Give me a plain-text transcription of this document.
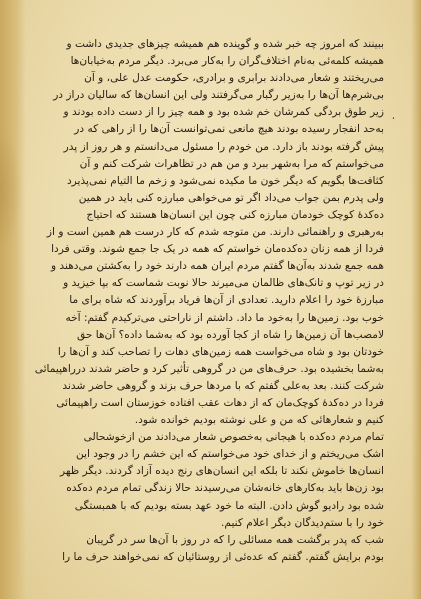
،
ببینند که امروز چه خبر شده و گوینده هم همیشه چیزهای جدیدی داشت و
همیشه کلمه‌ئی به‌نام اختلاف‌گران را به‌کار می‌برد. دیگر مردم به‌خیابان‌ها
می‌ریختند و شعار می‌دادند برابری و برادری، حکومت عدل علی، و آن
بی‌شرم‌ها آن‌ها را به‌زیر رگبار می‌گرفتند ولی این انسان‌ها که سالیان دراز در
زیر طوق بردگی کمرشان خم شده بود و همه چیز را از دست داده بودند و
به‌حد انفجار رسیده بودند هیچ مانعی نمی‌توانست آن‌ها را از راهی که در
پیش گرفته بودند باز دارد. من خودم را مسئول می‌دانستم و هر روز از پدر
می‌خواستم که مرا به‌شهر ببرد و من هم در تظاهرات شرکت کنم و آن
کثافت‌ها بگویم که دیگر خون ما مکیده نمی‌شود و زخم ما التیام نمی‌پذیرد
ولی پدرم بمن جواب می‌داد اگر تو می‌خواهی مبارزه کنی باید در همین
ده‌کدۀ کوچک خودمان مبارزه کنی چون این انسان‌ها هستند که احتیاج
به‌رهبری و راهنمائی دارند. من متوجه شدم که کار درست هم همین است و از
فردا از همه زنان ده‌کده‌مان خواستم که همه در یک جا جمع شوند. وقتی فردا
همه جمع شدند به‌آن‌ها گفتم مردم ایران همه دارند خود را به‌کشتن می‌دهند و
در زیر توپ و تانک‌های ظالمان می‌میرند حالا نوبت شماست که بپا خیزید و
مبارزۀ خود را اعلام دارید. تعدادی از آن‌ها فریاد برآوردند که شاه برای ما
خوب بود. زمین‌ها را به‌خود ما داد. داشتم از ناراحتی می‌ترکیدم گفتم: آخه
لامصب‌ها آن زمین‌ها را شاه از کجا آورده بود که به‌شما داده؟ آن‌ها حق
خودتان بود و شاه می‌خواست همه زمین‌های دهات را تصاحب کند و آن‌ها را
به‌شما بخشیده بود. حرف‌های من در گروهی تأثیر کرد و حاضر شدند درراهپیمائی
شرکت کنند. بعد به‌علی گفتم که با مردها حرف بزند و گروهی حاضر شدند
فردا در ده‌کدۀ کوچک‌مان که از دهات عقب افتاده خوزستان است راهپیمائی
کنیم و شعارهائی که من و علی نوشته بودیم خوانده شود.
تمام مردم ده‌کده با هیجانی به‌خصوص شعار می‌دادند من ازخوشحالی
اشک می‌ریختم و از خدای خود می‌خواستم که این خشم را در وجود این
انسان‌ها خاموش نکند تا بلکه این انسان‌های رنج دیده آزاد گردند. دیگر ظهر
بود زن‌ها باید به‌کارهای خانه‌شان می‌رسیدند حالا زندگی تمام مردم ده‌کده
شده بود رادیو گوش دادن. البته ما خود عهد بسته بودیم که با همبستگی
خود را با ستم‌دیدگان دیگر اعلام کنیم.
شب که پدر برگشت همه مسائلی را که در روز با آن‌ها سر در گریبان
بودم برایش گفتم. گفتم که عده‌ئی از روستائیان که نمی‌خواهند حرف ما را
